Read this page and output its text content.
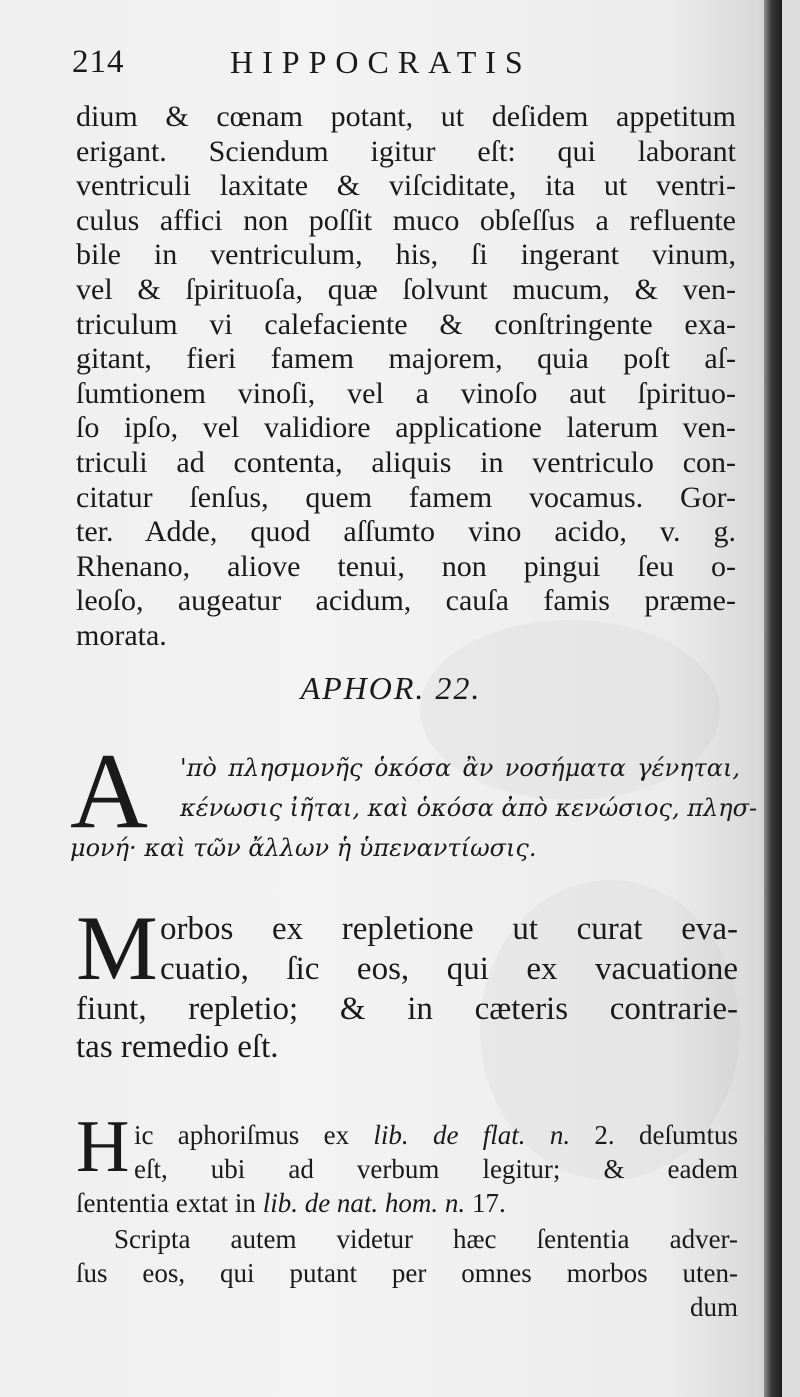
214	HIPPOCRATIS
dium & cœnam potant, ut deſidem appetitum
erigant. Sciendum igitur eſt: qui laborant
ventriculi laxitate & viſciditate, ita ut ventri-
culus affici non poſſit muco obſeſſus a refluente
bile in ventriculum, his, ſi ingerant vinum,
vel & ſpirituoſa, quæ ſolvunt mucum, & ven-
triculum vi calefaciente & conſtringente exa-
gitant, fieri famem majorem, quia poſt aſ-
ſumtionem vinoſi, vel a vinoſo aut ſpirituo-
ſo ipſo, vel validiore applicatione laterum ven-
triculi ad contenta, aliquis in ventriculo con-
citatur ſenſus, quem famem vocamus. Gor-
ter. Adde, quod aſſumto vino acido, v. g.
Rhenano, aliove tenui, non pingui ſeu o-
leoſo, augeatur acidum, cauſa famis præme-
morata.
APHOR. 22.
A 'πὸ πλησμονῆς ὁκόσα ἂν νοσήματα γένηται,
κένωσις ἰῆται, καὶ ὁκόσα ἀπὸ κενώσιος, πλησ-
μονή· καὶ τῶν ἄλλων ἡ ὑπεναντίωσις.
M orbos ex repletione ut curat eva-
cuatio, ſic eos, qui ex vacuatione
fiunt, repletio; & in cæteris contrarie-
tas remedio eſt.
H ic aphoriſmus ex lib. de flat. n. 2. deſumtus
eſt, ubi ad verbum legitur; & eadem
ſententia extat in lib. de nat. hom. n. 17.
Scripta autem videtur hæc ſententia adver-
ſus eos, qui putant per omnes morbos uten-
dum
